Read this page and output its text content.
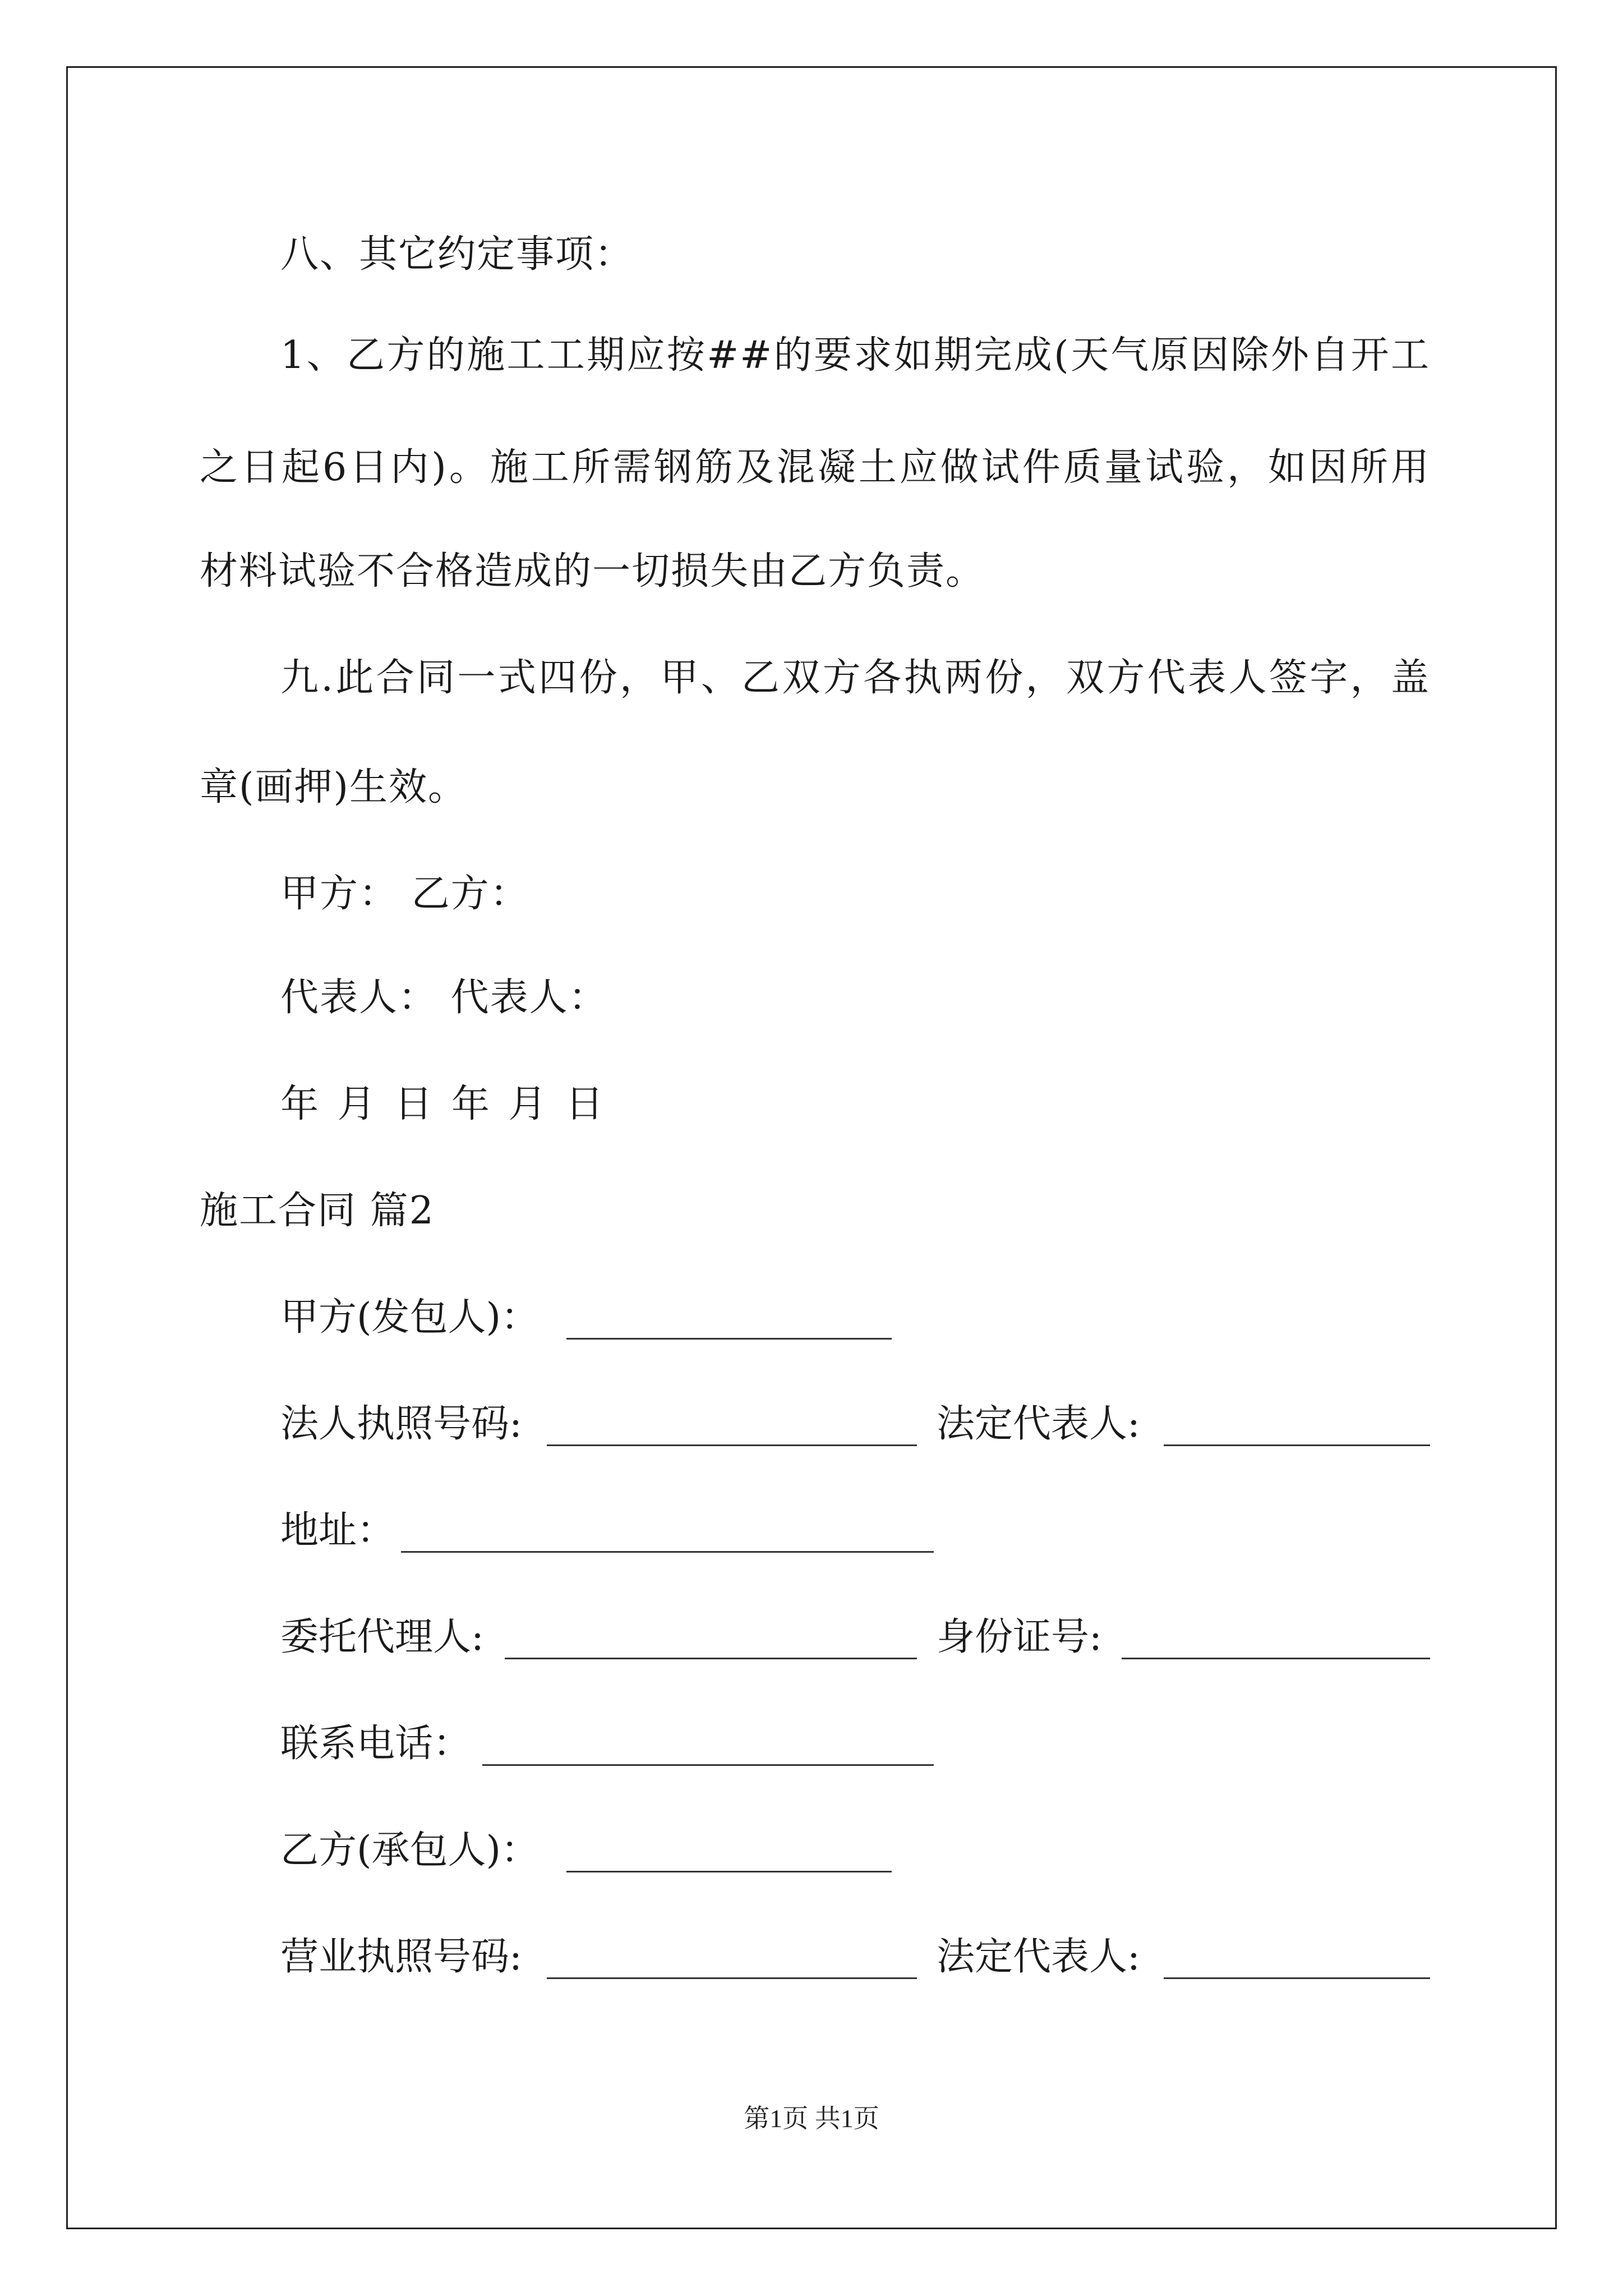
八、其它约定事项：
1、乙方的施工工期应按##的要求如期完成(天气原因除外自开工
之日起6日内)。施工所需钢筋及混凝土应做试件质量试验，如因所用
材料试验不合格造成的一切损失由乙方负责。
九.此合同一式四份，甲、乙双方各执两份，双方代表人签字，盖
章(画押)生效。
甲方： 乙方：
代表人： 代表人：
年 月 日 年 月 日
施工合同 篇2
甲方(发包人)：
法人执照号码:	法定代表人:
地址：
委托代理人:	身份证号:
联系电话：
乙方(承包人)：
营业执照号码:	法定代表人:
第1页 共1页
